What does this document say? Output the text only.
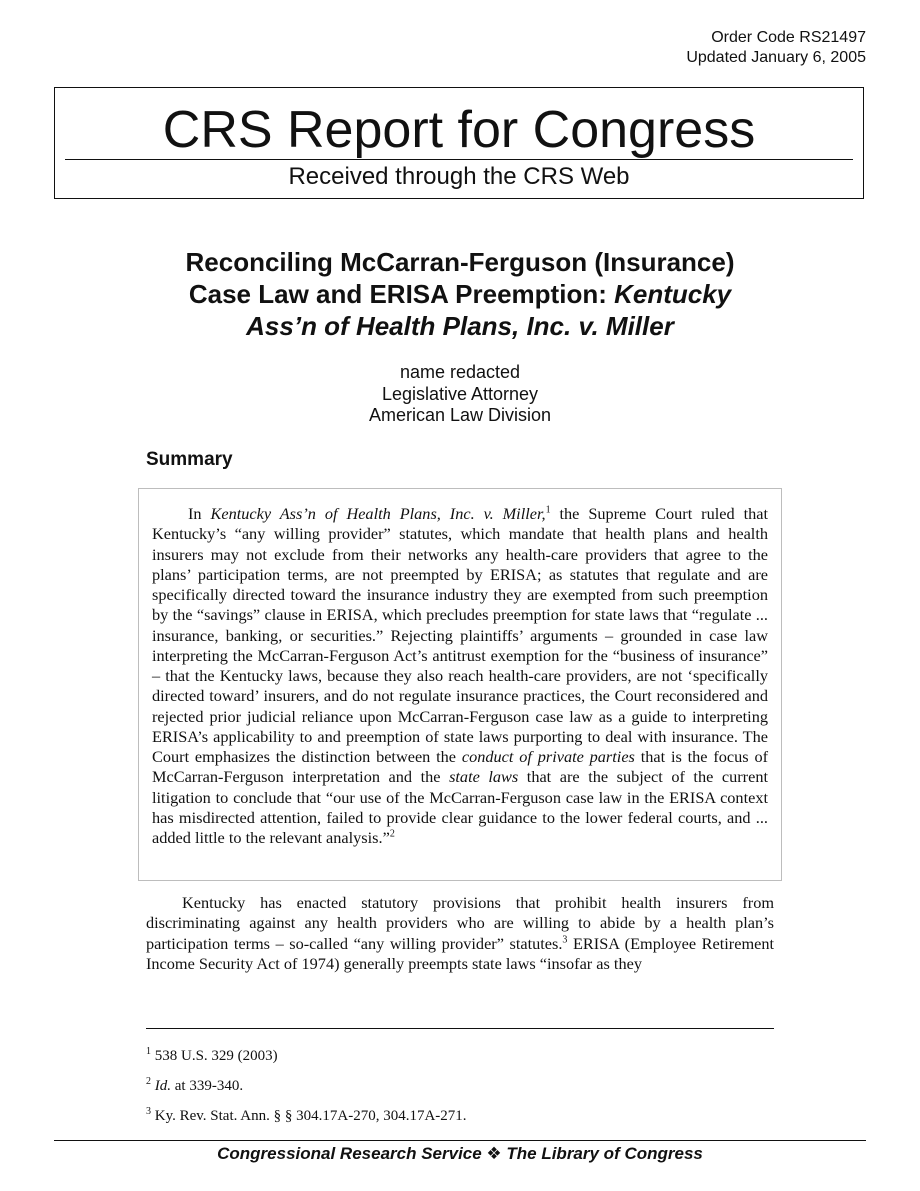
Order Code RS21497
Updated January 6, 2005
CRS Report for Congress
Received through the CRS Web
Reconciling McCarran-Ferguson (Insurance)
Case Law and ERISA Preemption: Kentucky
Ass’n of Health Plans, Inc. v. Miller
name redacted
Legislative Attorney
American Law Division
Summary

In Kentucky Ass’n of Health Plans, Inc. v. Miller,$^1$ the Supreme Court ruled that Kentucky’s “any willing provider” statutes, which mandate that health plans and health insurers may not exclude from their networks any health-care providers that agree to the plans’ participation terms, are not preempted by ERISA; as statutes that regulate and are specifically directed toward the insurance industry they are exempted from such preemption by the “savings” clause in ERISA, which precludes preemption for state laws that “regulate ... insurance, banking, or securities.” Rejecting plaintiffs’ arguments – grounded in case law interpreting the McCarran-Ferguson Act’s antitrust exemption for the “business of insurance” – that the Kentucky laws, because they also reach health-care providers, are not ‘specifically directed toward’ insurers, and do not regulate insurance practices, the Court reconsidered and rejected prior judicial reliance upon McCarran-Ferguson case law as a guide to interpreting ERISA’s applicability to and preemption of state laws purporting to deal with insurance. The Court emphasizes the distinction between the conduct of private parties that is the focus of McCarran-Ferguson interpretation and the state laws that are the subject of the current litigation to conclude that “our use of the McCarran-Ferguson case law in the ERISA context has misdirected attention, failed to provide clear guidance to the lower federal courts, and ... added little to the relevant analysis.”$^2$

Kentucky has enacted statutory provisions that prohibit health insurers from discriminating against any health providers who are willing to abide by a health plan’s participation terms – so-called “any willing provider” statutes.$^3$ ERISA (Employee Retirement Income Security Act of 1974) generally preempts state laws “insofar as they

$^1$ 538 U.S. 329 (2003)
$^2$ Id. at 339-340.
$^3$ Ky. Rev. Stat. Ann. § § 304.17A-270, 304.17A-271.
Congressional Research Service ❖ The Library of Congress
